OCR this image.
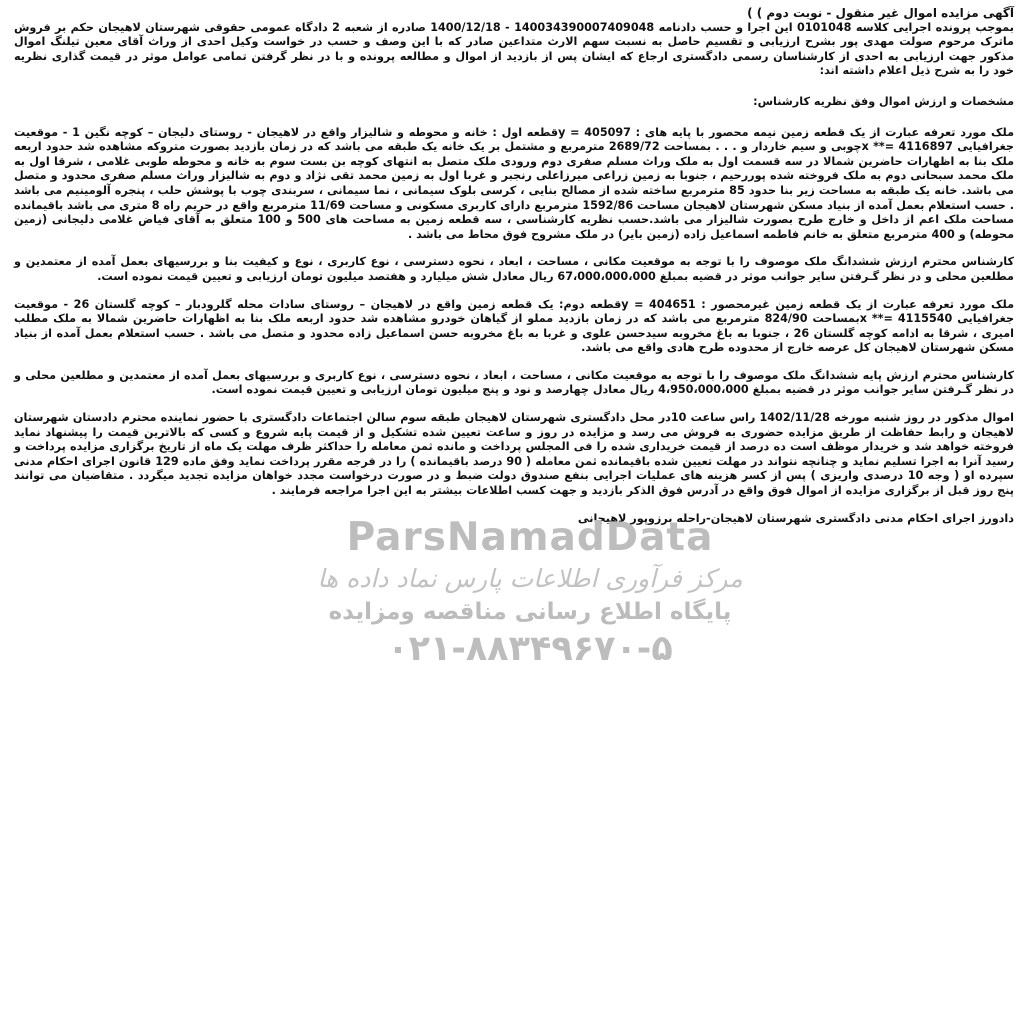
آگهی مزایده اموال غیر منقول - نوبت دوم ) )

بموجب پرونده اجرایی کلاسه 0101048 این اجرا و حسب دادنامه 140034390007409048 - 1400/12/18 صادره از شعبه 2 دادگاه عمومی حقوقی شهرستان لاهیجان حکم بر فروش ماترک مرحوم صولت مهدی پور بشرح ارزیابی و تقسیم حاصل به نسبت سهم الارث متداعین صادر که با این وصف و حسب در خواست وکیل احدی از وراث آقای معین تیلنگ اموال مذکور جهت ارزیابی به احدی از کارشناسان رسمی دادگستری ارجاع که ایشان پس از بازدید از اموال و مطالعه پرونده و با در نظر گرفتن تمامی عوامل موثر در قیمت گذاری نظریه خود را به شرح ذیل اعلام داشته اند:

مشخصات و ارزش اموال وفق نظریه کارشناس:

ملک مورد تعرفه عبارت از یک قطعه زمین نیمه محصور با پایه های : 405097 = yقطعه اول : خانه و محوطه و شالیزار واقع در لاهیجان - روستای دلیجان – کوچه نگین 1 - موقعیت جغرافیایی 4116897 =** xچوبی و سیم خاردار و . . . بمساحت 2689/72 مترمربع و مشتمل بر یک خانه یک طبقه می باشد که در زمان بازدید بصورت متروکه مشاهده شد حدود اربعه ملک بنا به اظهارات حاضرین شمالا در سه قسمت اول به ملک وراث مسلم صفری دوم ورودی ملک متصل به انتهای کوچه بن بست سوم به خانه و محوطه طوبی غلامی ، شرقا اول به ملک محمد سبحانی دوم به ملک فروخته شده پوررحیم ، جنوبا به زمین زراعی میرزاعلی رنجبر و غربا اول به زمین محمد تقی نژاد و دوم به شالیزار وراث مسلم صفری محدود و متصل می باشد. خانه یک طبقه به مساحت زیر بنا حدود 85 مترمربع ساخته شده از مصالح بنایی ، کرسی بلوک سیمانی ، نما سیمانی ، سربندی چوب با پوشش حلب ، پنجره آلومینیم می باشد . حسب استعلام بعمل آمده از بنیاد مسکن شهرستان لاهیجان مساحت 1592/86 مترمربع دارای کاربری مسکونی و مساحت 11/69 مترمربع واقع در حریم راه 8 متری می باشد باقیمانده مساحت ملک اعم از داخل و خارج طرح بصورت شالیزار می باشد.حسب نظریه کارشناسی ، سه قطعه زمین به مساحت های 500 و 100 متعلق به آقای فیاض غلامی دلیجانی (زمین محوطه) و 400 مترمربع متعلق به خانم فاطمه اسماعیل زاده (زمین بایر) در ملک مشروح فوق محاط می باشد .

کارشناس محترم ارزش ششدانگ ملک موصوف را با توجه به موقعیت مکانی ، مساحت ، ابعاد ، نحوه دسترسی ، نوع کاربری ، نوع و کیفیت بنا و بررسیهای بعمل آمده از معتمدین و مطلعین محلی و در نظر گـرفتن سایر جوانب موثر در قضیه بمبلغ 67،000،000،000 ریال معادل شش میلیارد و هفتصد میلیون تومان ارزیابی و تعیین قیمت نموده است.

ملک مورد تعرفه عبارت از یک قطعه زمین غیرمحصور : 404651 = yقطعه دوم: یک قطعه زمین واقع در لاهیجان – روستای سادات محله گلرودبار – کوچه گلستان 26 - موقعیت جغرافیایی 4115540 =** xبمساحت 824/90 مترمربع می باشد که در زمان بازدید مملو از گیاهان خودرو مشاهده شد حدود اربعه ملک بنا به اظهارات حاضرین شمالا به ملک مطلب امیری ، شرقا به ادامه کوچه گلستان 26 ، جنوبا به باغ مخروبه سیدحسن علوی و غربا به باغ مخروبه حسن اسماعیل زاده محدود و متصل می باشد . حسب استعلام بعمل آمده از بنیاد مسکن شهرستان لاهیجان کل عرصه خارج از محدوده طرح هادی واقع می باشد.

کارشناس محترم ارزش پایه ششدانگ ملک موصوف را با توجه به موقعیت مکانی ، مساحت ، ابعاد ، نحوه دسترسی ، نوع کاربری و بررسیهای بعمل آمده از معتمدین و مطلعین محلی و در نظر گـرفتن سایر جوانب موثر در قضیه بمبلغ 4،950،000،000 ریال معادل چهارصد و نود و پنج میلیون تومان ارزیابی و تعیین قیمت نموده است.

اموال مذکور در روز شنبه مورخه 1402/11/28 راس ساعت 10در محل دادگستری شهرستان لاهیجان طبقه سوم سالن اجتماعات دادگستری با حضور نماینده محترم دادستان شهرستان لاهیجان و رابط حفاظت از طریق مزایده حضوری به فروش می رسد و مزایده در روز و ساعت تعیین شده تشکیل و از قیمت پایه شروع و کسی که بالاترین قیمت را پیشنهاد نماید فروخته خواهد شد و خریدار موظف است ده درصد از قیمت خریداری شده را فی المجلس پرداخت و مانده ثمن معامله را حداکثر ظرف مهلت یک ماه از تاریخ برگزاری مزایده پرداخت و رسید آنرا به اجرا تسلیم نماید و چنانچه نتواند در مهلت تعیین شده باقیمانده ثمن معامله ( 90 درصد باقیمانده ) را در فرجه مقرر پرداخت نماید وفق ماده 129 قانون اجرای احکام مدنی سپرده او ( وجه 10 درصدی واریزی ) پس از کسر هزینه های عملیات اجرایی بنفع صندوق دولت ضبط و در صورت درخواست مجدد خواهان مزایده تجدید میگردد . متقاضیان می توانند پنج روز قبل از برگزاری مزایده از اموال فوق واقع در آدرس فوق الذکر بازدید و جهت کسب اطلاعات بیشتر به این اجرا مراجعه فرمایند .

دادورز اجرای احکام مدنی دادگستری شهرستان لاهیجان-راحله برزوپور لاهیجانی

ParsNamadData
مرکز فرآوری اطلاعات پارس نماد داده ها
پایگاه اطلاع رسانی مناقصه ومزایده
۰۲۱-۸۸۳۴۹۶۷۰-۵
